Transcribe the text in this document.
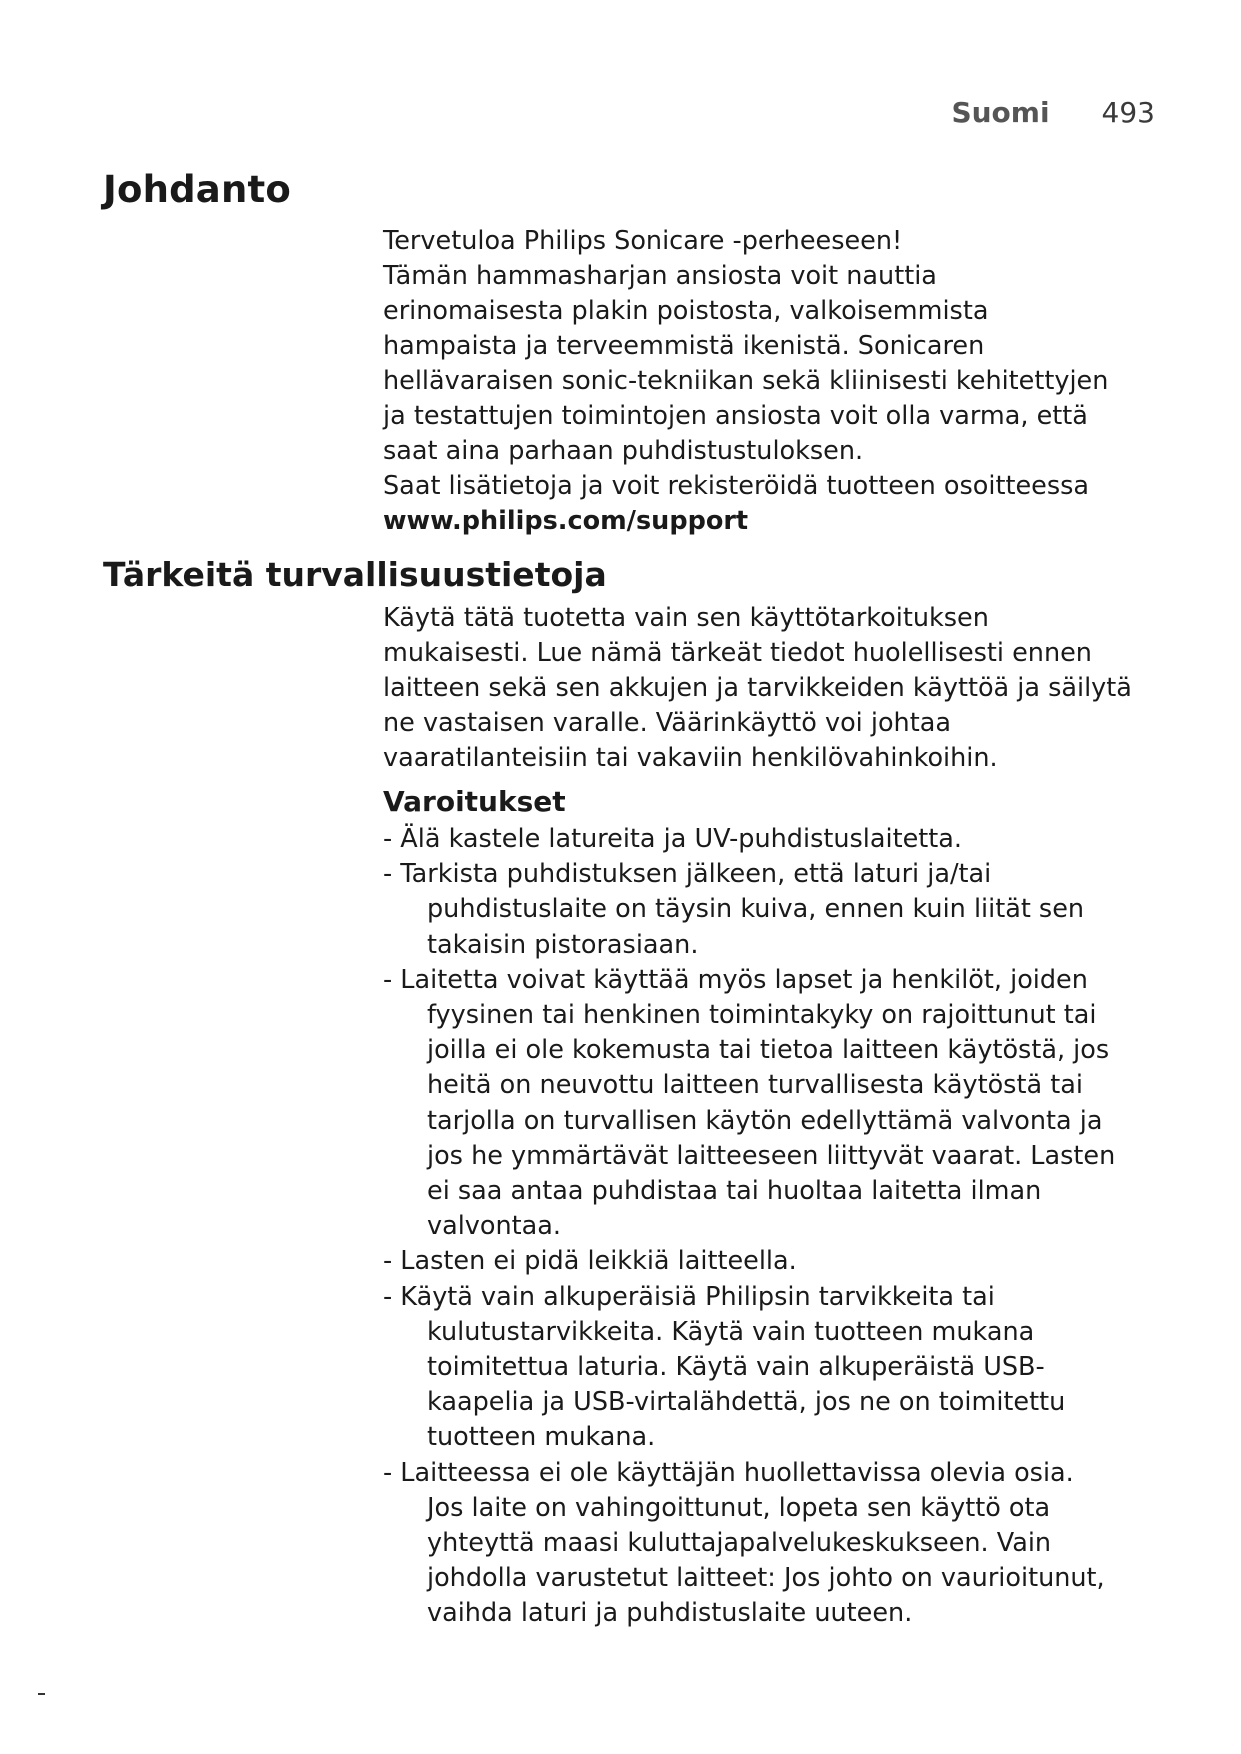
Suomi 493
Johdanto
Tervetuloa Philips Sonicare -perheeseen!
Tämän hammasharjan ansiosta voit nauttia
erinomaisesta plakin poistosta, valkoisemmista
hampaista ja terveemmistä ikenistä. Sonicaren
hellävaraisen sonic-tekniikan sekä kliinisesti kehitettyjen
ja testattujen toimintojen ansiosta voit olla varma, että
saat aina parhaan puhdistustuloksen.
Saat lisätietoja ja voit rekisteröidä tuotteen osoitteessa
www.philips.com/support
Tärkeitä turvallisuustietoja
Käytä tätä tuotetta vain sen käyttötarkoituksen
mukaisesti. Lue nämä tärkeät tiedot huolellisesti ennen
laitteen sekä sen akkujen ja tarvikkeiden käyttöä ja säilytä
ne vastaisen varalle. Väärinkäyttö voi johtaa
vaaratilanteisiin tai vakaviin henkilövahinkoihin.
Varoitukset
- Älä kastele latureita ja UV-puhdistuslaitetta.
- Tarkista puhdistuksen jälkeen, että laturi ja/tai
puhdistuslaite on täysin kuiva, ennen kuin liität sen
takaisin pistorasiaan.
- Laitetta voivat käyttää myös lapset ja henkilöt, joiden
fyysinen tai henkinen toimintakyky on rajoittunut tai
joilla ei ole kokemusta tai tietoa laitteen käytöstä, jos
heitä on neuvottu laitteen turvallisesta käytöstä tai
tarjolla on turvallisen käytön edellyttämä valvonta ja
jos he ymmärtävät laitteeseen liittyvät vaarat. Lasten
ei saa antaa puhdistaa tai huoltaa laitetta ilman
valvontaa.
- Lasten ei pidä leikkiä laitteella.
- Käytä vain alkuperäisiä Philipsin tarvikkeita tai
kulutustarvikkeita. Käytä vain tuotteen mukana
toimitettua laturia. Käytä vain alkuperäistä USB-
kaapelia ja USB-virtalähdettä, jos ne on toimitettu
tuotteen mukana.
- Laitteessa ei ole käyttäjän huollettavissa olevia osia.
Jos laite on vahingoittunut, lopeta sen käyttö ota
yhteyttä maasi kuluttajapalvelukeskukseen. Vain
johdolla varustetut laitteet: Jos johto on vaurioitunut,
vaihda laturi ja puhdistuslaite uuteen.
